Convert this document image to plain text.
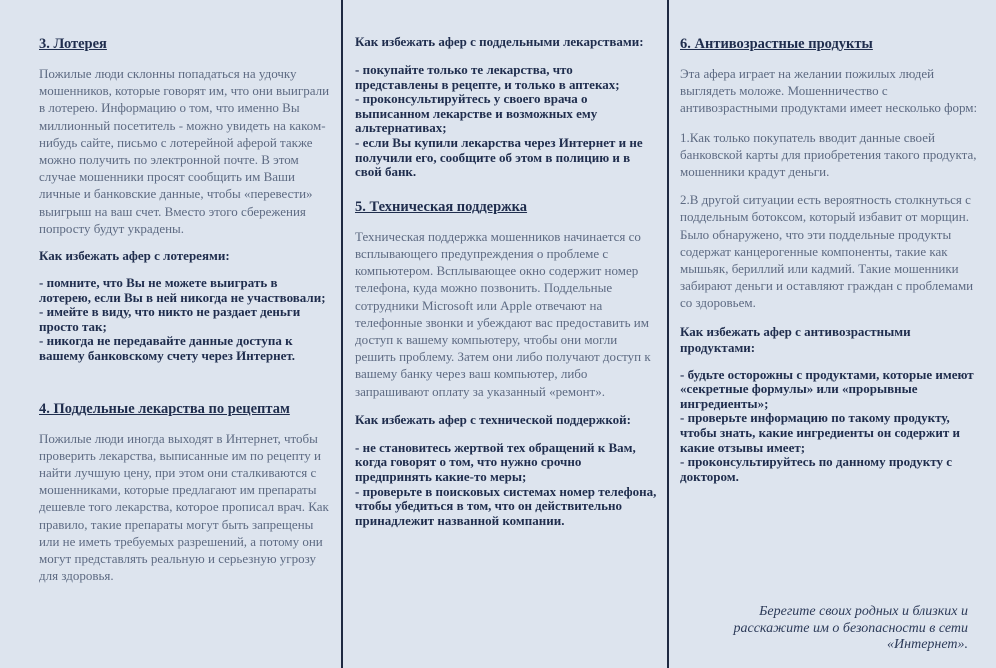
3. Лотерея

Пожилые люди склонны попадаться на удочку мошенников, которые говорят им, что они выиграли в лотерею. Информацию о том, что именно Вы миллионный посетитель - можно увидеть на каком-нибудь сайте, письмо с лотерейной аферой также можно получить по электронной почте. В этом случае мошенники просят сообщить им Ваши личные и банковские данные, чтобы «перевести» выигрыш на ваш счет. Вместо этого сбережения попросту будут украдены.

Как избежать афер с лотереями:
- помните, что Вы не можете выиграть в лотерею, если Вы в ней никогда не участвовали;
- имейте в виду, что никто не раздает деньги просто так;
- никогда не передавайте данные доступа к вашему банковскому счету через Интернет.
4. Поддельные лекарства по рецептам

Пожилые люди иногда выходят в Интернет, чтобы проверить лекарства, выписанные им по рецепту и найти лучшую цену, при этом они сталкиваются с мошенниками, которые предлагают им препараты дешевле того лекарства, которое прописал врач. Как правило, такие препараты могут быть запрещены или не иметь требуемых разрешений, а потому они могут представлять реальную и серьезную угрозу для здоровья.

Как избежать афер с поддельными лекарствами:
- покупайте только те лекарства, что представлены в рецепте, и только в аптеках;
- проконсультируйтесь у своего врача о выписанном лекарстве и возможных ему альтернативах;
- если Вы купили лекарства через Интернет и не получили его, сообщите об этом в полицию и в свой банк.
5. Техническая поддержка

Техническая поддержка мошенников начинается со всплывающего предупреждения о проблеме с компьютером. Всплывающее окно содержит номер телефона, куда можно позвонить. Поддельные сотрудники Microsoft или Apple отвечают на телефонные звонки и убеждают вас предоставить им доступ к вашему компьютеру, чтобы они могли решить проблему. Затем они либо получают доступ к вашему банку через ваш компьютер, либо запрашивают оплату за указанный «ремонт».

Как избежать афер с технической поддержкой:
- не становитесь жертвой тех обращений к Вам, когда говорят о том, что нужно срочно предпринять какие-то меры;
- проверьте в поисковых системах номер телефона, чтобы убедиться в том, что он действительно принадлежит названной компании.
6. Антивозрастные продукты

Эта афера играет на желании пожилых людей выглядеть моложе. Мошенничество с антивозрастными продуктами имеет несколько форм:

1.Как только покупатель вводит данные своей банковской карты для приобретения такого продукта, мошенники крадут деньги.

2.В другой ситуации есть вероятность столкнуться с поддельным ботоксом, который избавит от морщин. Было обнаружено, что эти поддельные продукты содержат канцерогенные компоненты, такие как мышьяк, бериллий или кадмий. Такие мошенники забирают деньги и оставляют граждан с проблемами со здоровьем.

Как избежать афер с антивозрастными продуктами:
- будьте осторожны с продуктами, которые имеют «секретные формулы» или «прорывные ингредиенты»;
- проверьте информацию по такому продукту, чтобы знать, какие ингредиенты он содержит и какие отзывы имеет;
- проконсультируйтесь по данному продукту с доктором.
Берегите своих родных и близких и расскажите им о безопасности в сети «Интернет».
